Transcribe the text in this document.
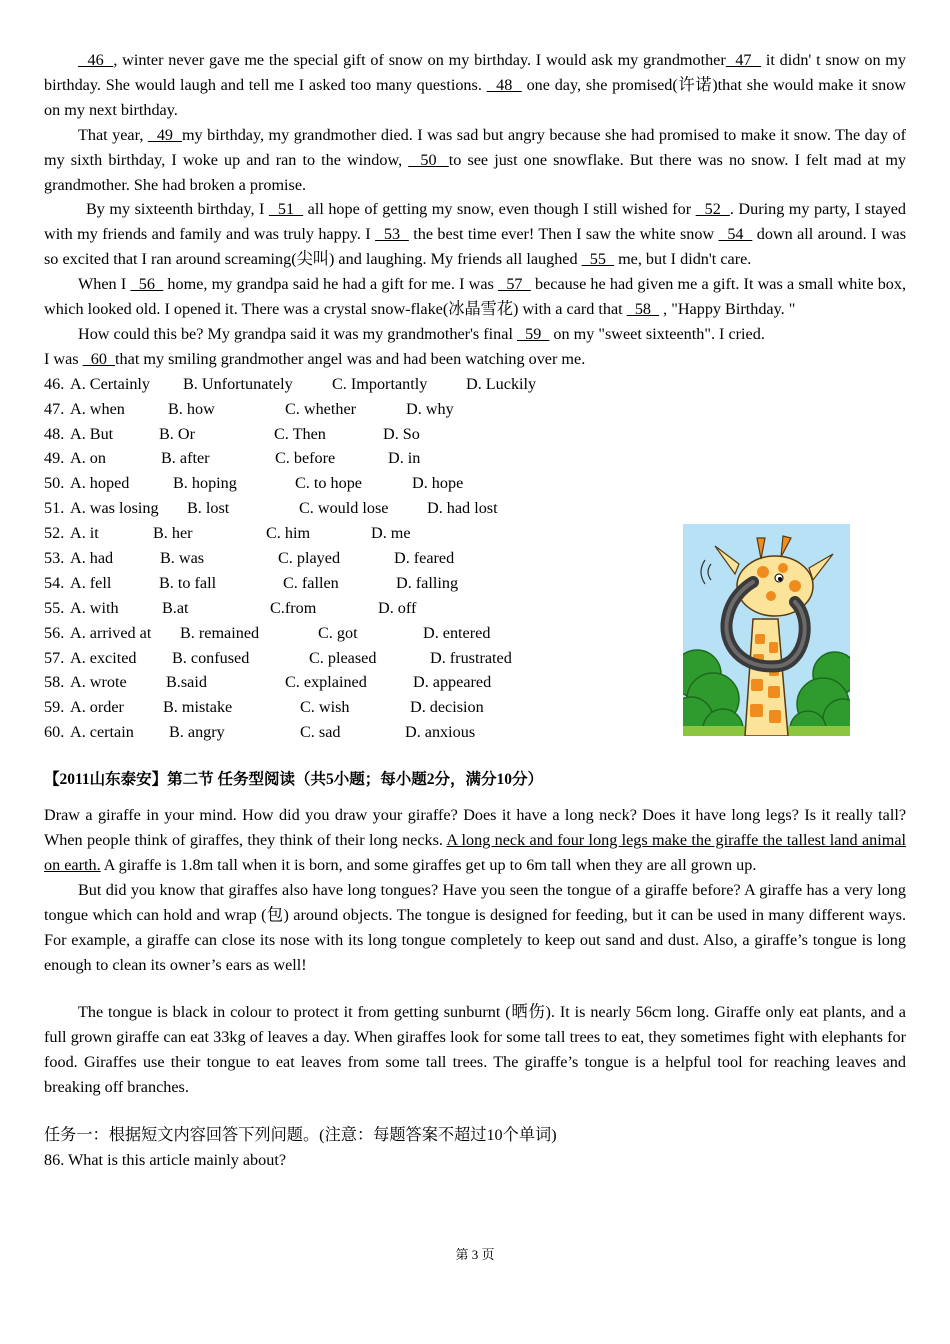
46  , winter never gave me the special gift of snow on my birthday. I would ask my grandmother  47   it didn' t snow on my birthday. She would laugh and tell me I asked too many questions.   48   one day, she promised(许诺)that she would make it snow on my next birthday.

That year,   49  my birthday, my grandmother died. I was sad but angry because she had promised to make it snow. The day of my sixth birthday, I woke up and ran to the window,   50  to see just one snowflake. But there was no snow. I felt mad at my grandmother. She had broken a promise.

By my sixteenth birthday, I   51   all hope of getting my snow, even though I still wished for   52  . During my party, I stayed with my friends and family and was truly happy. I   53   the best time ever! Then I saw the white snow   54   down all around. I was so excited that I ran around screaming(尖叫) and laughing. My friends all laughed   55   me, but I didn't care.

When I   56   home, my grandpa said he had a gift for me. I was   57   because he had given me a gift. It was a small white box, which looked old. I opened it. There was a crystal snow-flake(冰晶雪花) with a card that   58   , "Happy Birthday. "

How could this be? My grandpa said it was my grandmother's final   59   on my "sweet sixteenth". I cried.

I was   60  that my smiling grandmother angel was and had been watching over me.

46. A. Certainly B. Unfortunately C. Importantly D. Luckily
47. A. when	B. how	C. whether	D. why
48. A. But	B. Or	C. Then	D. So
49. A. on	B. after	C. before	D. in
50. A. hoped	B. hoping	C. to hope	D. hope
51. A. was losing B. lost	C. would lose D. had lost
52. A. it	B. her	C. him	D. me
53. A. had	B. was	C. played	D. feared
54. A. fell	B. to fall	C. fallen	D. falling
55. A. with	B.at	C.from	D. off
56. A. arrived at B. remained	C. got	D. entered
57. A. excited B. confused	C. pleased	D. frustrated
58. A. wrote B.said	C. explained	D. appeared
59. A. order B. mistake	C. wish	D. decision
60. A. certain B. angry	C. sad	D. anxious
【2011山东泰安】第二节 任务型阅读（共5小题；每小题2分，满分10分）

Draw a giraffe in your mind. How did you draw your giraffe? Does it have a long neck? Does it have long legs? Is it really tall? When people think of giraffes, they think of their long necks. A long neck and four long legs make the giraffe the tallest land animal on earth. A giraffe is 1.8m tall when it is born, and some giraffes get up to 6m tall when they are all grown up.

But did you know that giraffes also have long tongues? Have you seen the tongue of a giraffe before? A giraffe has a very long tongue which can hold and wrap (包) around objects. The tongue is designed for feeding, but it can be used in many different ways. For example, a giraffe can close its nose with its long tongue completely to keep out sand and dust. Also, a giraffe’s tongue is long enough to clean its owner’s ears as well!

The tongue is black in colour to protect it from getting sunburnt (晒伤). It is nearly 56cm long. Giraffe only eat plants, and a full grown giraffe can eat 33kg of leaves a day. When giraffes look for some tall trees to eat, they sometimes fight with elephants for food. Giraffes use their tongue to eat leaves from some tall trees. The giraffe’s tongue is a helpful tool for reaching leaves and breaking off branches.

任务一：根据短文内容回答下列问题。(注意：每题答案不超过10个单词)

86. What is this article mainly about?

第 3 页
